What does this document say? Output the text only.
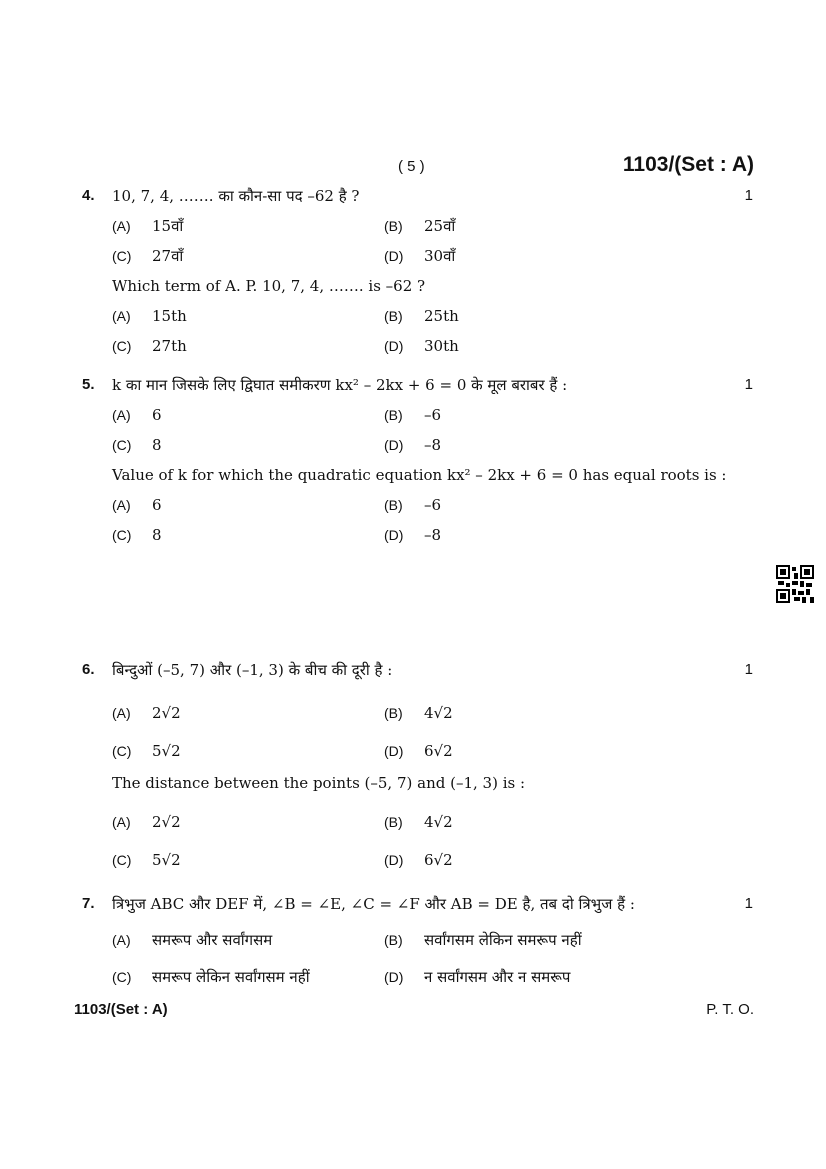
( 5 )	1103/(Set : A)
4. 10, 7, 4, ……. का कौन-सा पद –62 है ?	1
(A) 15वाँ	(B) 25वाँ
(C) 27वाँ	(D) 30वाँ
Which term of A. P. 10, 7, 4, ……. is –62 ?
(A) 15th	(B) 25th
(C) 27th	(D) 30th
5. k का मान जिसके लिए द्विघात समीकरण kx² – 2kx + 6 = 0 के मूल बराबर हैं :	1
(A) 6	(B) –6
(C) 8	(D) –8
Value of k for which the quadratic equation kx² – 2kx + 6 = 0 has equal roots is :
(A) 6	(B) –6
(C) 8	(D) –8
6. बिन्दुओं (–5, 7) और (–1, 3) के बीच की दूरी है :	1
(A) 2√2	(B) 4√2
(C) 5√2	(D) 6√2
The distance between the points (–5, 7) and (–1, 3) is :
(A) 2√2	(B) 4√2
(C) 5√2	(D) 6√2
7. त्रिभुज ABC और DEF में, ∠B = ∠E, ∠C = ∠F और AB = DE है, तब दो त्रिभुज हैं :	1
(A) समरूप और सर्वांगसम	(B) सर्वांगसम लेकिन समरूप नहीं
(C) समरूप लेकिन सर्वांगसम नहीं	(D) न सर्वांगसम और न समरूप
1103/(Set : A)	P. T. O.
